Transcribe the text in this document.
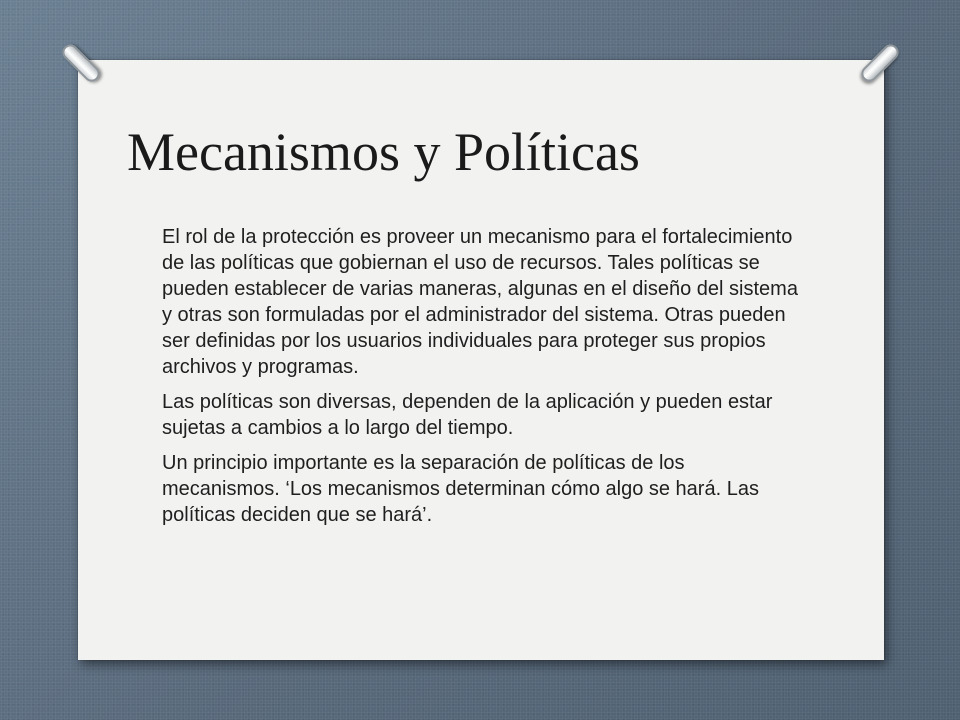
Mecanismos y Políticas
El rol de la protección es proveer un mecanismo para el fortalecimiento de las políticas que gobiernan el uso de recursos. Tales políticas se pueden establecer de varias maneras, algunas en el diseño del sistema y otras son formuladas por el administrador del sistema. Otras pueden ser definidas por los usuarios individuales para proteger sus propios archivos y programas.
Las políticas son diversas, dependen de la aplicación y pueden estar sujetas a cambios a lo largo del tiempo.
Un principio importante es la separación de políticas de los mecanismos. ‘Los mecanismos determinan cómo algo se hará. Las políticas deciden que se hará’.
